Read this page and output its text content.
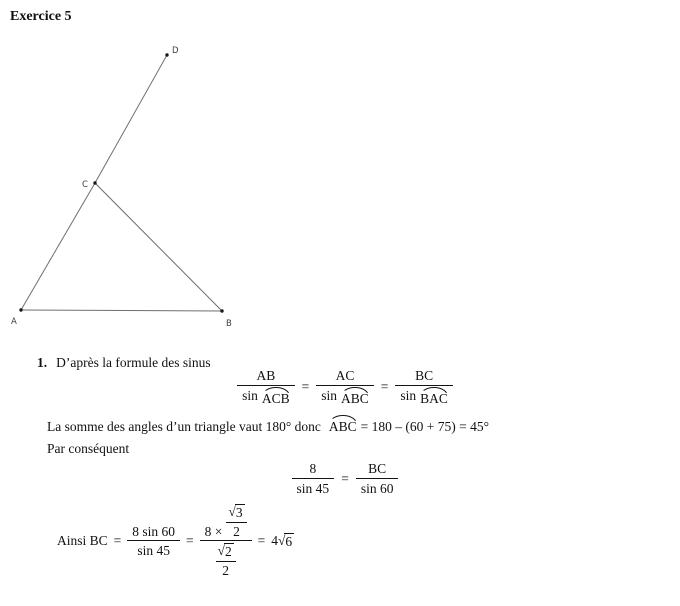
Exercice 5
A	B
C
D
1. D’après la formule des sinus
$\frac{AB}{\text{sin ACB}} = \frac{AC}{\text{sin ABC}} = \frac{BC}{\text{sin BAC}}$
La somme des angles d’un triangle vaut 180° donc ABC = 180 – (60 + 75) = 45°
Par conséquent
$\frac{8}{\sin 45} = \frac{BC}{\sin 60}$
Ainsi BC = $\frac{8 \sin 60}{\sin 45} = \frac{8 \times \frac{√ 3}{2}}{\frac{√ 2}{2}} = 4$ √ 6
